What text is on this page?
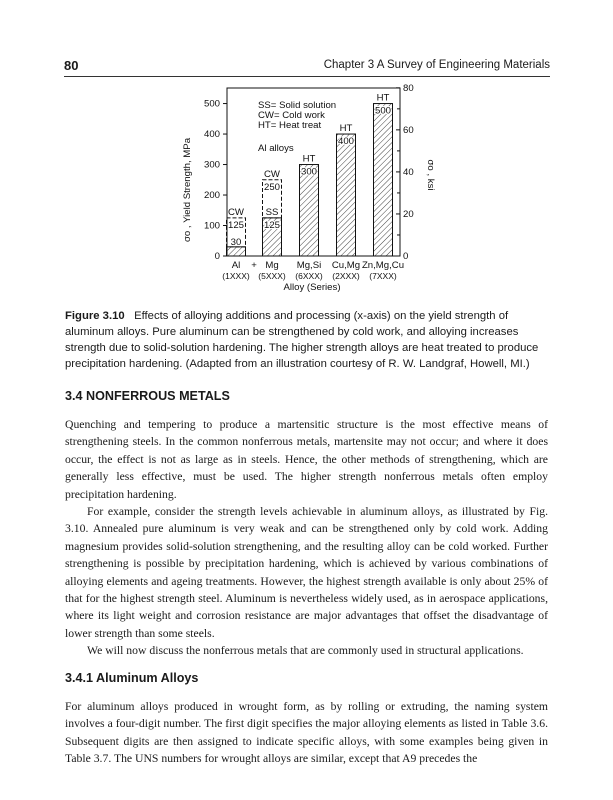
80	Chapter 3 A Survey of Engineering Materials
0
100
200
300
400
500
0
20
40
60
80
125
CW
30
Al
(1XXX)
250
CW
125
SS
Mg
(5XXX)
300
HT
Mg,Si
(6XXX)
400
HT
Cu,Mg
(2XXX)
500
HT
Zn,Mg,Cu
(7XXX)
SS= Solid solution
CW= Cold work
HT= Heat treat
Al alloys
Alloy (Series)
σo , Yield Strength, MPa	σo , ksi
+
Figure 3.10 Effects of alloying additions and processing (x-axis) on the yield strength of aluminum alloys. Pure aluminum can be strengthened by cold work, and alloying increases strength due to solid-solution hardening. The higher strength alloys are heat treated to produce precipitation hardening. (Adapted from an illustration courtesy of R. W. Landgraf, Howell, MI.)
3.4 NONFERROUS METALS

Quenching and tempering to produce a martensitic structure is the most effective means of strengthening steels. In the common nonferrous metals, martensite may not occur; and where it does occur, the effect is not as large as in steels. Hence, the other methods of strengthening, which are generally less effective, must be used. The higher strength nonferrous metals often employ precipitation hardening.

For example, consider the strength levels achievable in aluminum alloys, as illustrated by Fig. 3.10. Annealed pure aluminum is very weak and can be strengthened only by cold work. Adding magnesium provides solid-solution strengthening, and the resulting alloy can be cold worked. Further strengthening is possible by precipitation hardening, which is achieved by various combinations of alloying elements and ageing treatments. However, the highest strength available is only about 25% of that for the highest strength steel. Aluminum is nevertheless widely used, as in aerospace applications, where its light weight and corrosion resistance are major advantages that offset the disadvantage of lower strength than some steels.

We will now discuss the nonferrous metals that are commonly used in structural applications.

3.4.1 Aluminum Alloys

For aluminum alloys produced in wrought form, as by rolling or extruding, the naming system involves a four-digit number. The first digit specifies the major alloying elements as listed in Table 3.6. Subsequent digits are then assigned to indicate specific alloys, with some examples being given in Table 3.7. The UNS numbers for wrought alloys are similar, except that A9 precedes the
